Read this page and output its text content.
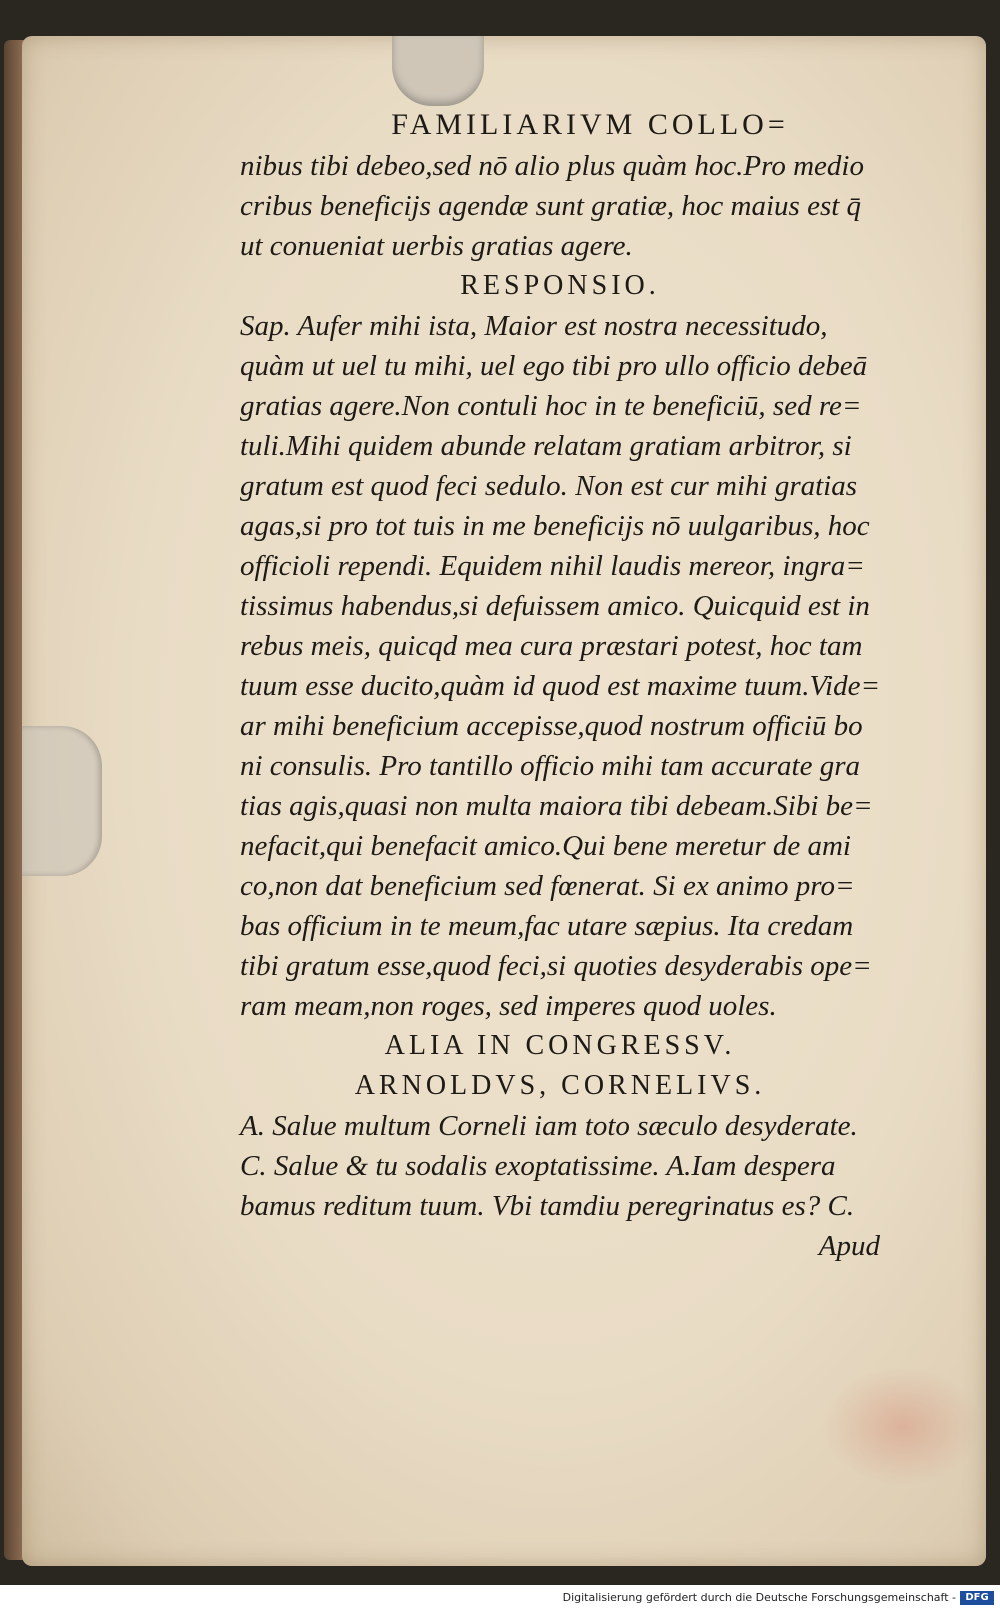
FAMILIARIVM COLLO=

nibus tibi debeo,sed nō alio plus quàm hoc.Pro medio

cribus beneficijs agendæ sunt gratiæ, hoc maius est q̄

ut conueniat uerbis gratias agere.

RESPONSIO.

Sap. Aufer mihi ista, Maior est nostra necessitudo,

quàm ut uel tu mihi, uel ego tibi pro ullo officio debeā

gratias agere.Non contuli hoc in te beneficiū, sed re=

tuli.Mihi quidem abunde relatam gratiam arbitror, si

gratum est quod feci sedulo. Non est cur mihi gratias

agas,si pro tot tuis in me beneficijs nō uulgaribus, hoc

officioli rependi. Equidem nihil laudis mereor, ingra=

tissimus habendus,si defuissem amico. Quicquid est in

rebus meis, quicqd mea cura præstari potest, hoc tam

tuum esse ducito,quàm id quod est maxime tuum.Vide=

ar mihi beneficium accepisse,quod nostrum officiū bo

ni consulis. Pro tantillo officio mihi tam accurate gra

tias agis,quasi non multa maiora tibi debeam.Sibi be=

nefacit,qui benefacit amico.Qui bene meretur de ami

co,non dat beneficium sed fœnerat. Si ex animo pro=

bas officium in te meum,fac utare sæpius. Ita credam

tibi gratum esse,quod feci,si quoties desyderabis ope=

ram meam,non roges, sed imperes quod uoles.

ALIA IN CONGRESSV.

ARNOLDVS, CORNELIVS.

A. Salue multum Corneli iam toto sæculo desyderate.

C. Salue & tu sodalis exoptatissime. A.Iam despera

bamus reditum tuum. Vbi tamdiu peregrinatus es? C.

Apud

Digitalisierung gefördert durch die Deutsche Forschungsgemeinschaft - DFG
